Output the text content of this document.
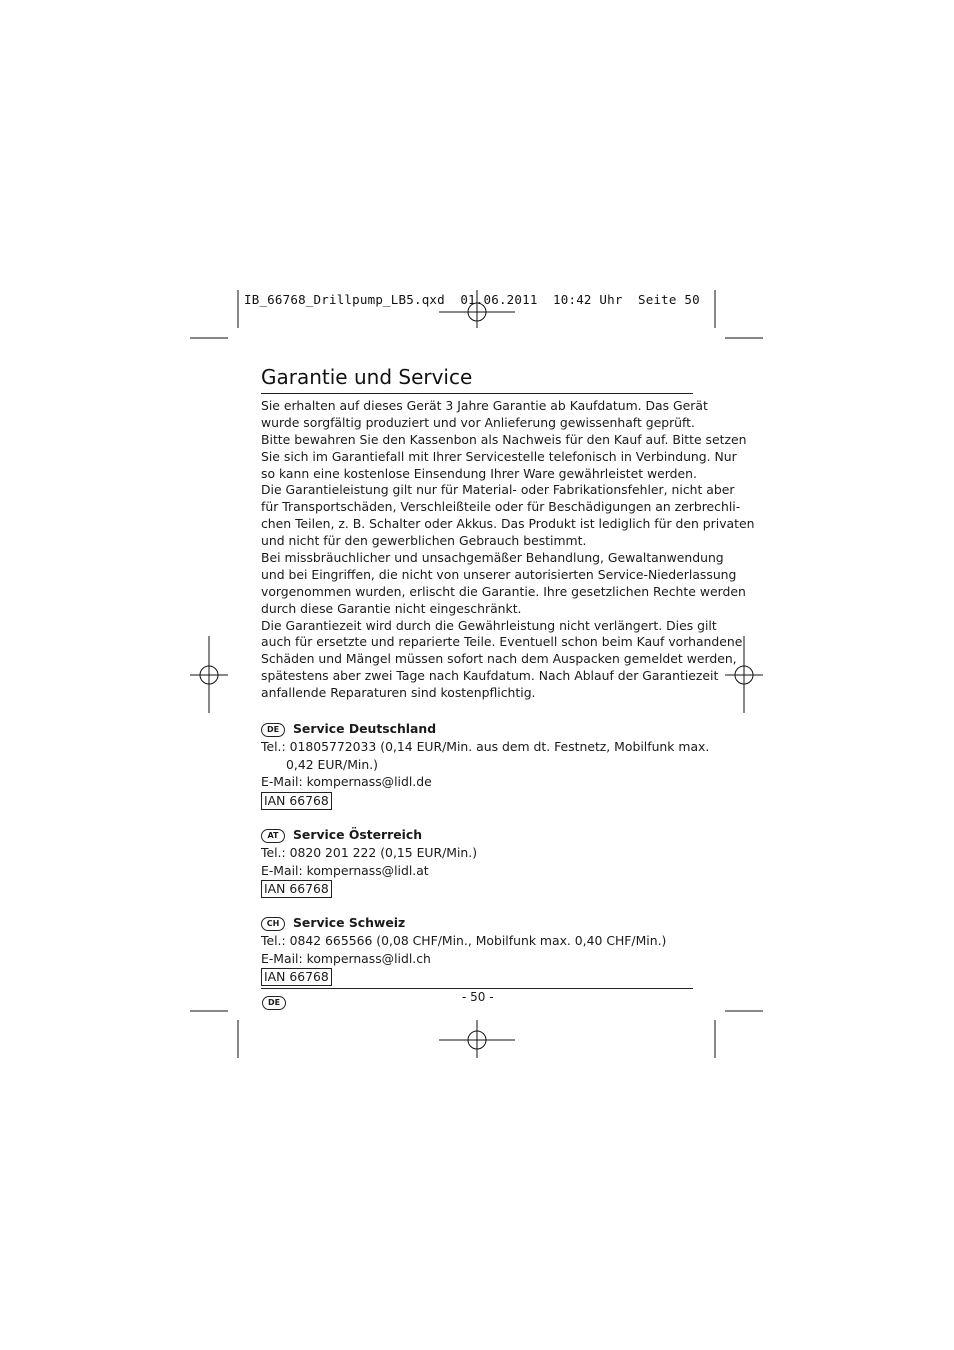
IB_66768_Drillpump_LB5.qxd  01.06.2011  10:42 Uhr  Seite 50
Garantie und Service
Sie erhalten auf dieses Gerät 3 Jahre Garantie ab Kaufdatum. Das Gerät
wurde sorgfältig produziert und vor Anlieferung gewissenhaft geprüft.
Bitte bewahren Sie den Kassenbon als Nachweis für den Kauf auf. Bitte setzen
Sie sich im Garantiefall mit Ihrer Servicestelle telefonisch in Verbindung. Nur
so kann eine kostenlose Einsendung Ihrer Ware gewährleistet werden.
Die Garantieleistung gilt nur für Material- oder Fabrikationsfehler, nicht aber
für Transportschäden, Verschleißteile oder für Beschädigungen an zerbrechli-
chen Teilen, z. B. Schalter oder Akkus. Das Produkt ist lediglich für den privaten
und nicht für den gewerblichen Gebrauch bestimmt.
Bei missbräuchlicher und unsachgemäßer Behandlung, Gewaltanwendung
und bei Eingriffen, die nicht von unserer autorisierten Service-Niederlassung
vorgenommen wurden, erlischt die Garantie. Ihre gesetzlichen Rechte werden
durch diese Garantie nicht eingeschränkt.
Die Garantiezeit wird durch die Gewährleistung nicht verlängert. Dies gilt
auch für ersetzte und reparierte Teile. Eventuell schon beim Kauf vorhandene
Schäden und Mängel müssen sofort nach dem Auspacken gemeldet werden,
spätestens aber zwei Tage nach Kaufdatum. Nach Ablauf der Garantiezeit
anfallende Reparaturen sind kostenpflichtig.
DE Service Deutschland
Tel.: 01805772033 (0,14 EUR/Min. aus dem dt. Festnetz, Mobilfunk max.
0,42 EUR/Min.)
E-Mail: kompernass@lidl.de
IAN 66768
AT Service Österreich
Tel.: 0820 201 222 (0,15 EUR/Min.)
E-Mail: kompernass@lidl.at
IAN 66768
CH Service Schweiz
Tel.: 0842 665566 (0,08 CHF/Min., Mobilfunk max. 0,40 CHF/Min.)
E-Mail: kompernass@lidl.ch
IAN 66768
DE	- 50 -
